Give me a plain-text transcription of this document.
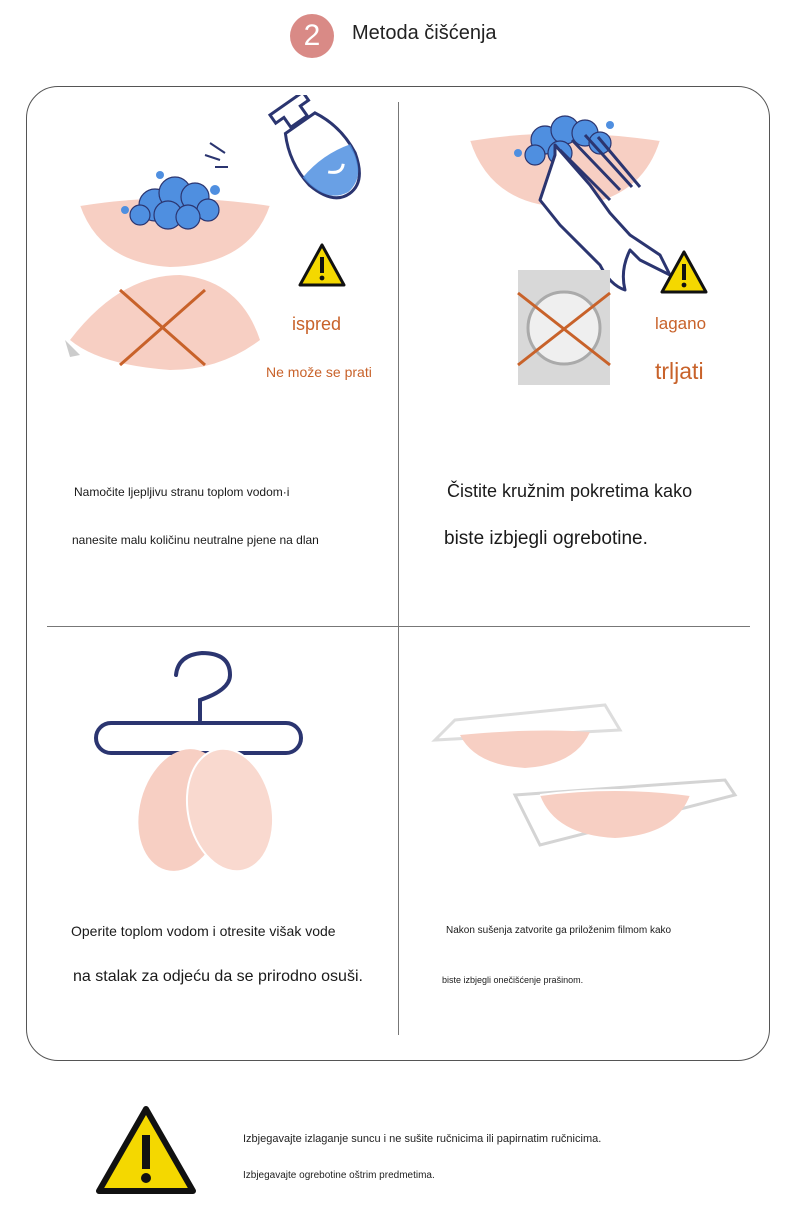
2	Metoda čišćenja
ispred
Ne može se prati
Namočite ljepljivu stranu toplom vodom·i
nanesite malu količinu neutralne pjene na dlan
lagano
trljati
Čistite kružnim pokretima kako
biste izbjegli ogrebotine.
Operite toplom vodom i otresite višak vode
na stalak za odjeću da se prirodno osuši.
Nakon sušenja zatvorite ga priloženim filmom kako
biste izbjegli onečišćenje prašinom.
Izbjegavajte izlaganje suncu i ne sušite ručnicima ili papirnatim ručnicima.
Izbjegavajte ogrebotine oštrim predmetima.
